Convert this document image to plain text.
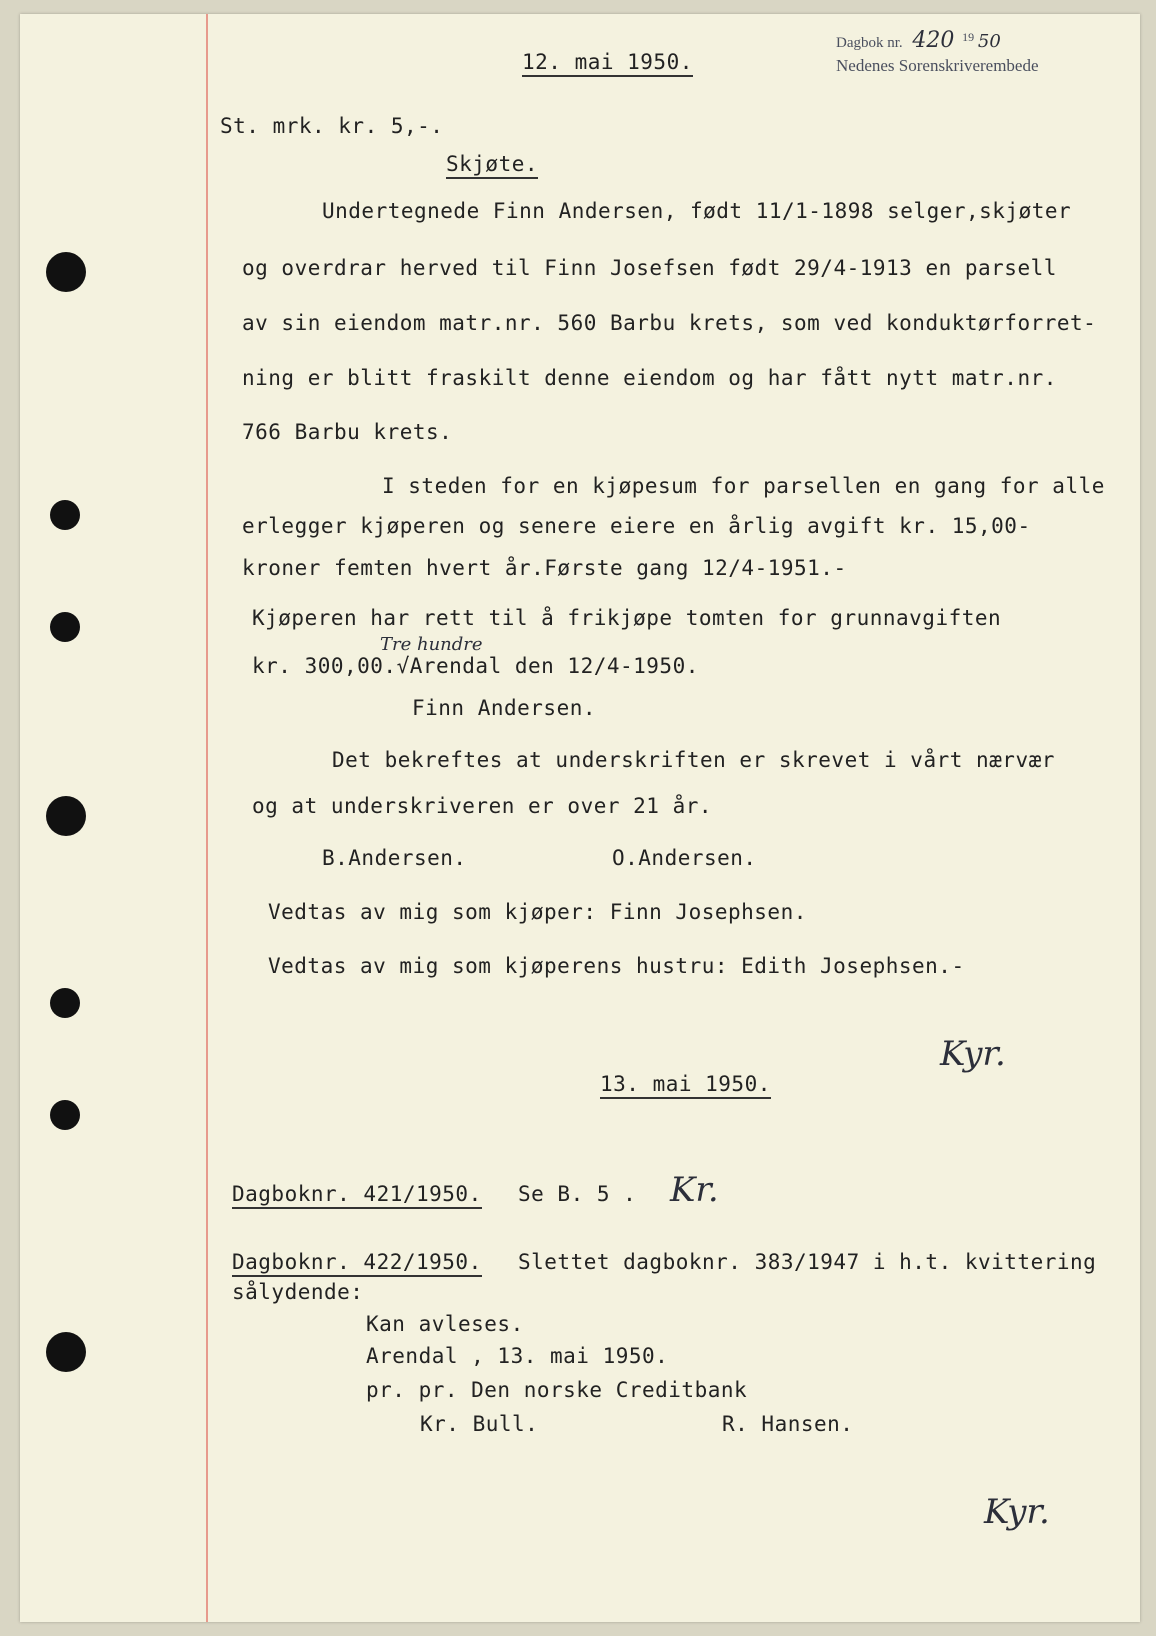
Dagbok nr. 420 $^{19}$ 50
Nedenes Sorenskriverembede
12. mai 1950.
St. mrk. kr. 5,-.
Skjøte.
Undertegnede Finn Andersen, født 11/1-1898 selger,skjøter
og overdrar herved til Finn Josefsen født 29/4-1913 en parsell
av sin eiendom matr.nr. 560 Barbu krets, som ved konduktørforret-
ning er blitt fraskilt denne eiendom og har fått nytt matr.nr.
766 Barbu krets.
I steden for en kjøpesum for parsellen en gang for alle
erlegger kjøperen og senere eiere en årlig avgift kr. 15,00-
kroner femten hvert år.Første gang 12/4-1951.-
Kjøperen har rett til å frikjøpe tomten for grunnavgiften
Tre hundre
kr. 300,00.√Arendal den 12/4-1950.
Finn Andersen.
Det bekreftes at underskriften er skrevet i vårt nærvær
og at underskriveren er over 21 år.
B.Andersen.	O.Andersen.
Vedtas av mig som kjøper: Finn Josephsen.
Vedtas av mig som kjøperens hustru: Edith Josephsen.-
Kyr.
13. mai 1950.
Dagboknr. 421/1950. Se B. 5 . Kr.
Dagboknr. 422/1950. Slettet dagboknr. 383/1947 i h.t. kvittering
sålydende:
Kan avleses.
Arendal , 13. mai 1950.
pr. pr. Den norske Creditbank
Kr. Bull.	R. Hansen.
Kyr.
